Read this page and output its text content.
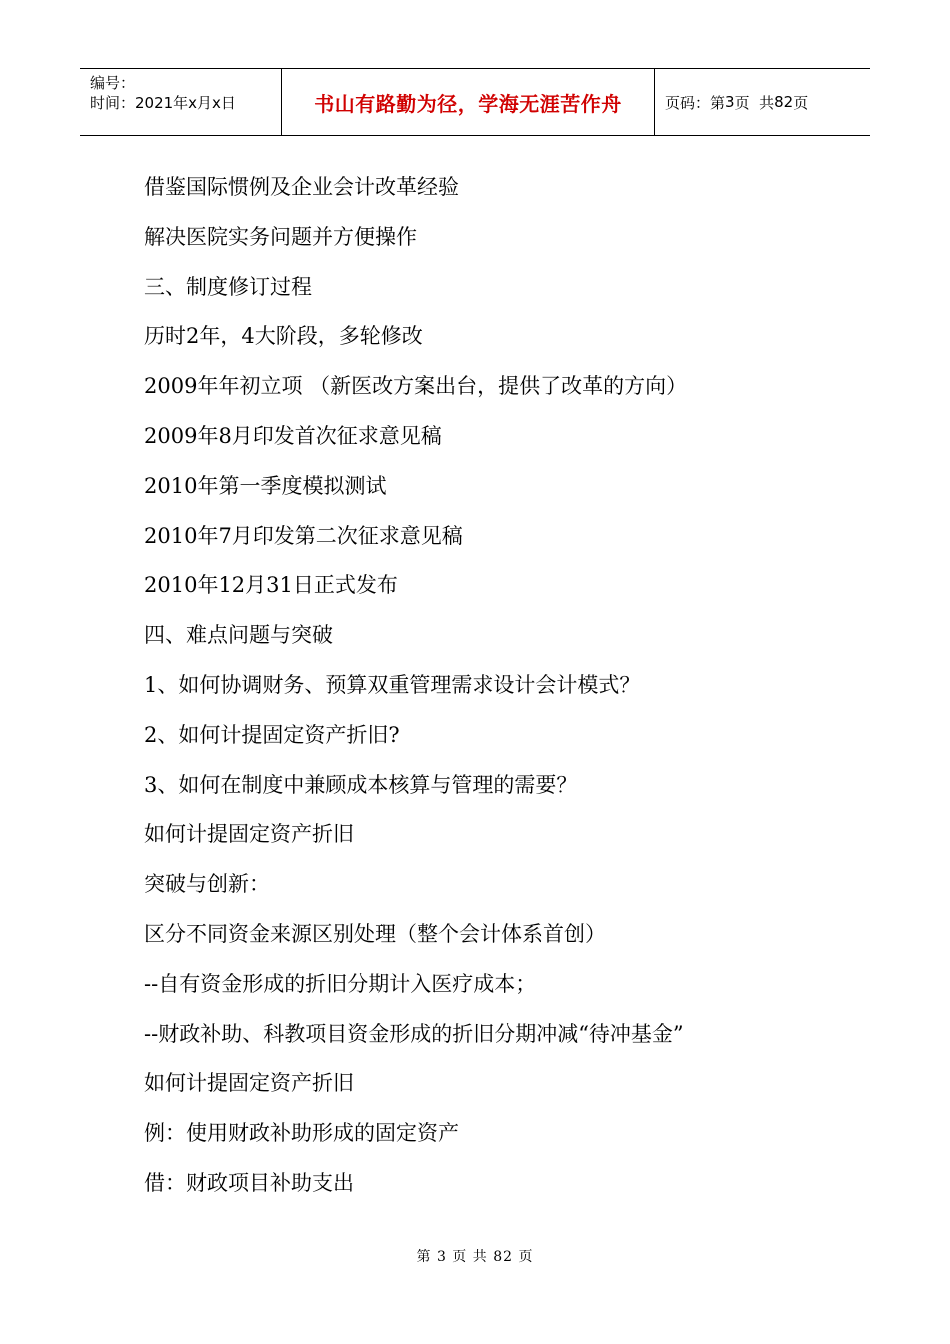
编号：
时间：2021年x月x日	书山有路勤为径，学海无涯苦作舟	页码：第 3 页  共 82 页
借鉴国际惯例及企业会计改革经验
解决医院实务问题并方便操作
三、制度修订过程
历时2年，4大阶段，多轮修改
2009年年初立项 （新医改方案出台，提供了改革的方向）
2009年8月印发首次征求意见稿
2010年第一季度模拟测试
2010年7月印发第二次征求意见稿
2010年12月31日正式发布
四、难点问题与突破
1、如何协调财务、预算双重管理需求设计会计模式？
2、如何计提固定资产折旧?
3、如何在制度中兼顾成本核算与管理的需要？
如何计提固定资产折旧
突破与创新：
区分不同资金来源区别处理（整个会计体系首创）
--自有资金形成的折旧分期计入医疗成本；
--财政补助、科教项目资金形成的折旧分期冲减“待冲基金”
如何计提固定资产折旧
例：使用财政补助形成的固定资产
借：财政项目补助支出
第 3 页 共 82 页
